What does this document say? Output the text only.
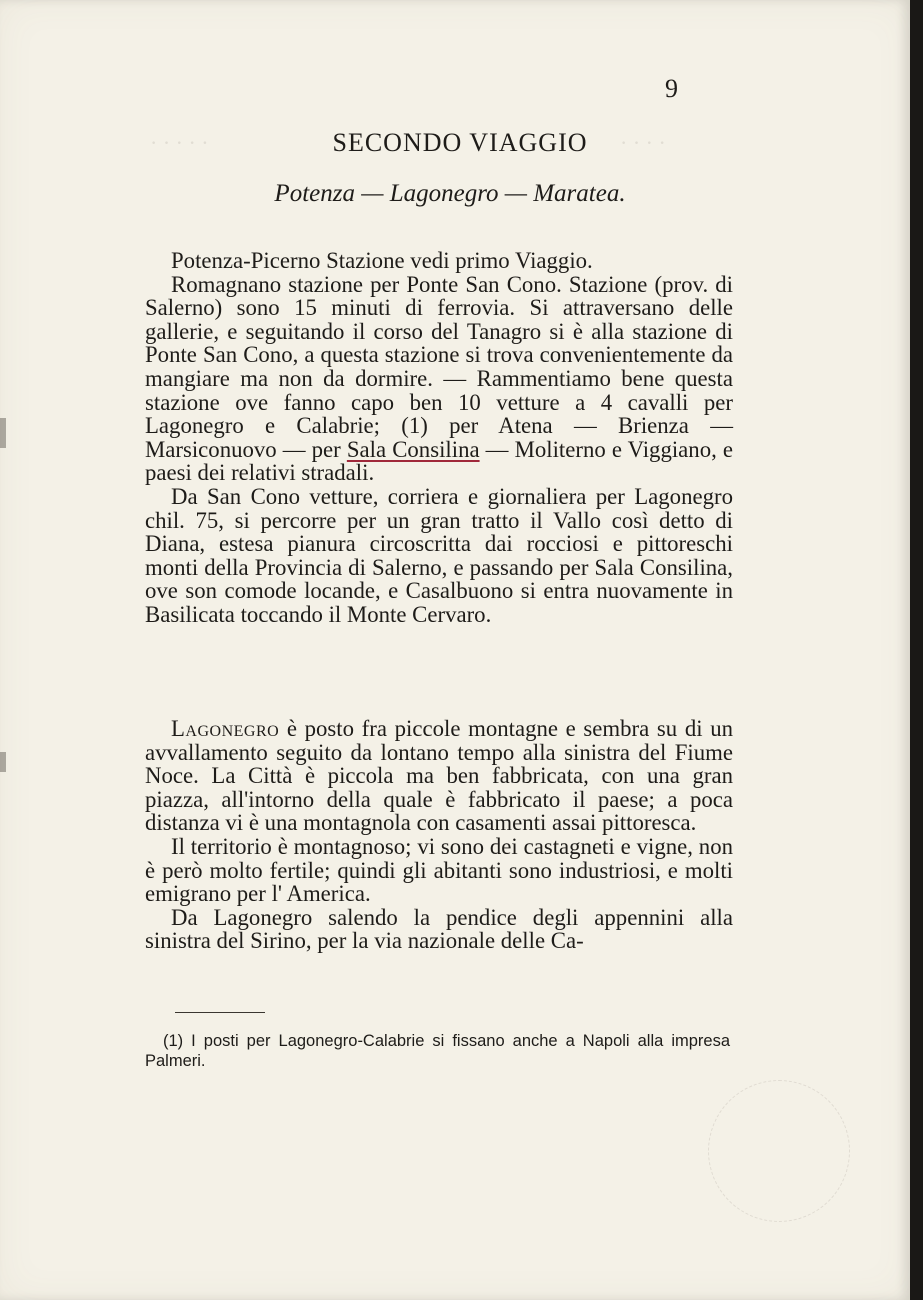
· · · · ·	· · · ·
9
SECONDO VIAGGIO
Potenza — Lagonegro — Maratea.

Potenza-Picerno Stazione vedi primo Viaggio.

Romagnano stazione per Ponte San Cono. Stazione (prov. di Salerno) sono 15 minuti di ferrovia. Si attraversano delle gallerie, e seguitando il corso del Tanagro si è alla stazione di Ponte San Cono, a questa stazione si trova convenientemente da mangiare ma non da dormire. — Rammentiamo bene questa stazione ove fanno capo ben 10 vetture a 4 cavalli per Lagonegro e Calabrie; (1) per Atena — Brienza — Marsiconuovo — per Sala Consilina — Moliterno e Viggiano, e paesi dei relativi stradali.

Da San Cono vetture, corriera e giornaliera per Lagonegro chil. 75, si percorre per un gran tratto il Vallo così detto di Diana, estesa pianura circoscritta dai rocciosi e pittoreschi monti della Provincia di Salerno, e passando per Sala Consilina, ove son comode locande, e Casalbuono si entra nuovamente in Basilicata toccando il Monte Cervaro.

Lagonegro è posto fra piccole montagne e sembra su di un avvallamento seguito da lontano tempo alla sinistra del Fiume Noce. La Città è piccola ma ben fabbricata, con una gran piazza, all'intorno della quale è fabbricato il paese; a poca distanza vi è una montagnola con casamenti assai pittoresca.

Il territorio è montagnoso; vi sono dei castagneti e vigne, non è però molto fertile; quindi gli abitanti sono industriosi, e molti emigrano per l' America.

Da Lagonegro salendo la pendice degli appennini alla sinistra del Sirino, per la via nazionale delle Ca-

(1) I posti per Lagonegro-Calabrie si fissano anche a Napoli alla impresa Palmeri.
